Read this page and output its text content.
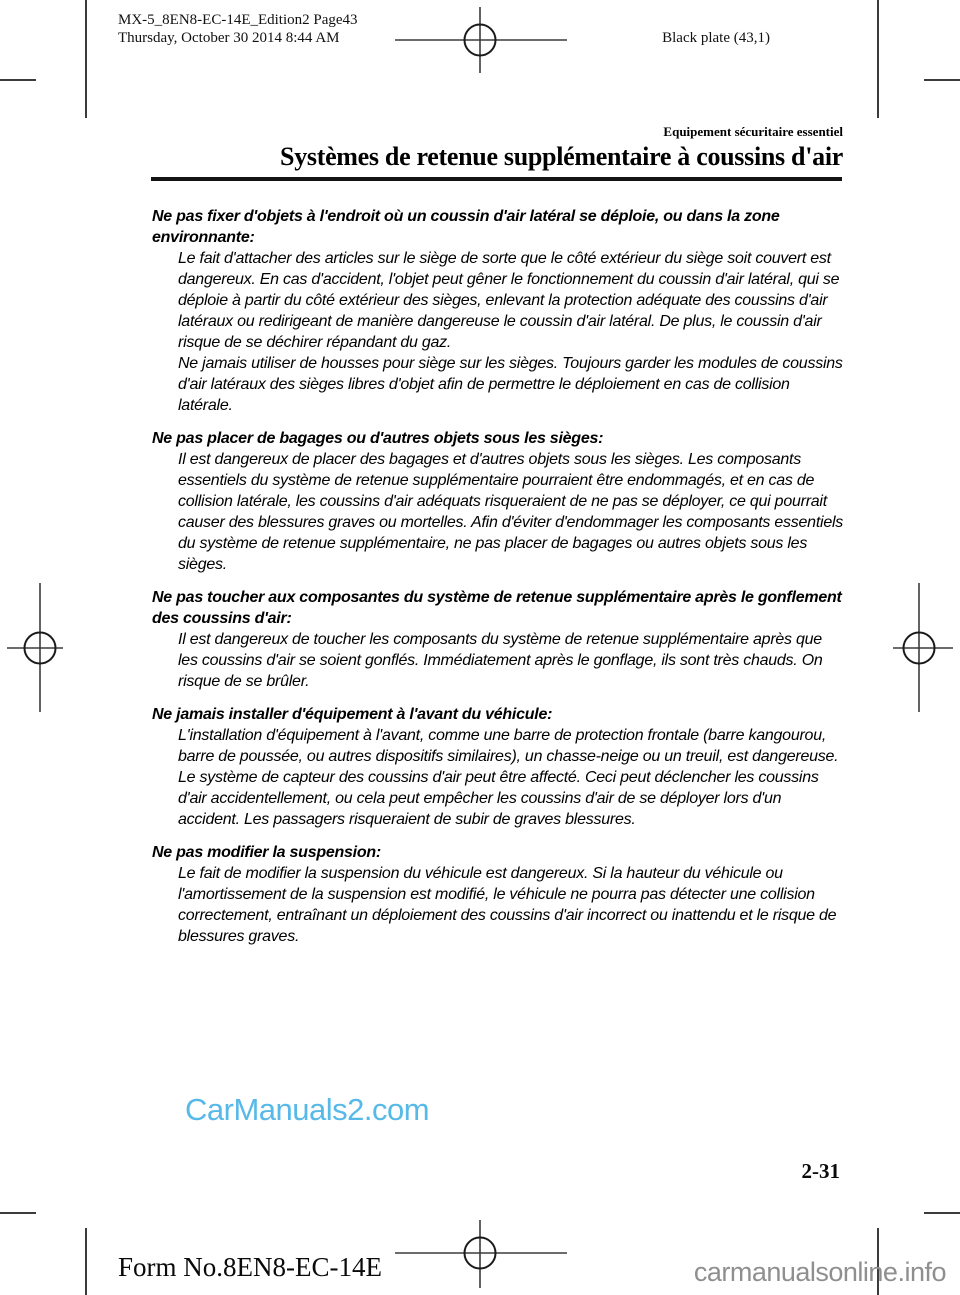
MX-5_8EN8-EC-14E_Edition2 Page43
Thursday, October 30 2014 8:44 AM	Black plate (43,1)
Equipement sécuritaire essentiel
Systèmes de retenue supplémentaire à coussins d'air
Ne pas fixer d'objets à l'endroit où un coussin d'air latéral se déploie, ou dans la zone environnante:

Le fait d'attacher des articles sur le siège de sorte que le côté extérieur du siège soit couvert est dangereux. En cas d'accident, l'objet peut gêner le fonctionnement du coussin d'air latéral, qui se déploie à partir du côté extérieur des sièges, enlevant la protection adéquate des coussins d'air latéraux ou redirigeant de manière dangereuse le coussin d'air latéral. De plus, le coussin d'air risque de se déchirer répandant du gaz.

Ne jamais utiliser de housses pour siège sur les sièges. Toujours garder les modules de coussins d'air latéraux des sièges libres d'objet afin de permettre le déploiement en cas de collision latérale.

Ne pas placer de bagages ou d'autres objets sous les sièges:

Il est dangereux de placer des bagages et d'autres objets sous les sièges. Les composants essentiels du système de retenue supplémentaire pourraient être endommagés, et en cas de collision latérale, les coussins d'air adéquats risqueraient de ne pas se déployer, ce qui pourrait causer des blessures graves ou mortelles. Afin d'éviter d'endommager les composants essentiels du système de retenue supplémentaire, ne pas placer de bagages ou autres objets sous les sièges.

Ne pas toucher aux composantes du système de retenue supplémentaire après le gonflement des coussins d'air:

Il est dangereux de toucher les composants du système de retenue supplémentaire après que les coussins d'air se soient gonflés. Immédiatement après le gonflage, ils sont très chauds. On risque de se brûler.

Ne jamais installer d'équipement à l'avant du véhicule:

L'installation d'équipement à l'avant, comme une barre de protection frontale (barre kangourou, barre de poussée, ou autres dispositifs similaires), un chasse-neige ou un treuil, est dangereuse. Le système de capteur des coussins d'air peut être affecté. Ceci peut déclencher les coussins d'air accidentellement, ou cela peut empêcher les coussins d'air de se déployer lors d'un accident. Les passagers risqueraient de subir de graves blessures.

Ne pas modifier la suspension:

Le fait de modifier la suspension du véhicule est dangereux. Si la hauteur du véhicule ou l'amortissement de la suspension est modifié, le véhicule ne pourra pas détecter une collision correctement, entraînant un déploiement des coussins d'air incorrect ou inattendu et le risque de blessures graves.

CarManuals2.com
2-31
Form No.8EN8-EC-14E	carmanualsonline.info
